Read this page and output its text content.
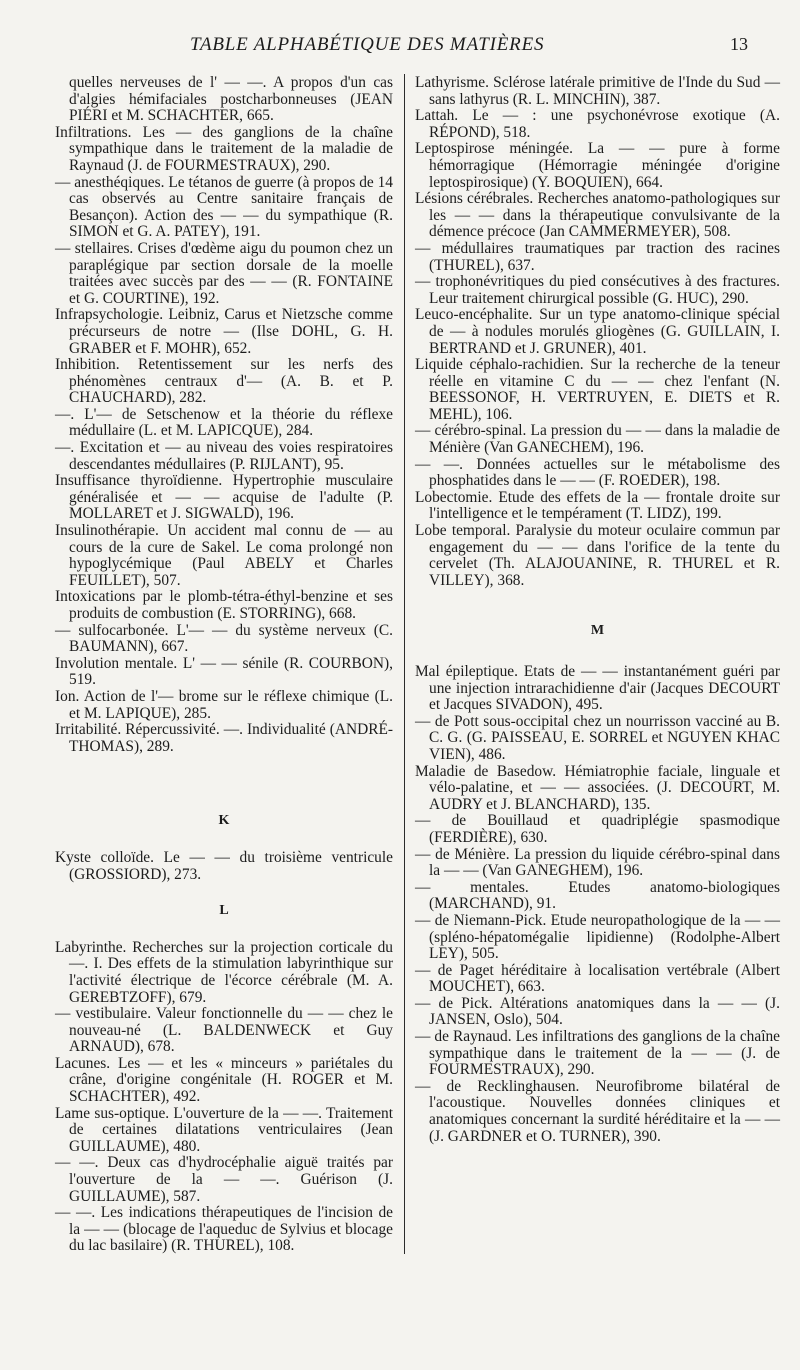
TABLE ALPHABÉTIQUE DES MATIÈRES	13

quelles nerveuses de l' — —. A propos d'un cas d'algies hémifaciales postcharbonneuses (JEAN PIÉRI et M. SCHACHTER, 665.

Infiltrations. Les — des ganglions de la chaîne sympathique dans le traitement de la maladie de Raynaud (J. de FOURMESTRAUX), 290.

— anesthéqiques. Le tétanos de guerre (à propos de 14 cas observés au Centre sanitaire français de Besançon). Action des — — du sympathique (R. SIMON et G. A. PATEY), 191.

— stellaires. Crises d'œdème aigu du poumon chez un paraplégique par section dorsale de la moelle traitées avec succès par des — — (R. FONTAINE et G. COURTINE), 192.

Infrapsychologie. Leibniz, Carus et Nietzsche comme précurseurs de notre — (Ilse DOHL, G. H. GRABER et F. MOHR), 652.

Inhibition. Retentissement sur les nerfs des phénomènes centraux d'— (A. B. et P. CHAUCHARD), 282.

—. L'— de Setschenow et la théorie du réflexe médullaire (L. et M. LAPICQUE), 284.

—. Excitation et — au niveau des voies respiratoires descendantes médullaires (P. RIJLANT), 95.

Insuffisance thyroïdienne. Hypertrophie musculaire généralisée et — — acquise de l'adulte (P. MOLLARET et J. SIGWALD), 196.

Insulinothérapie. Un accident mal connu de — au cours de la cure de Sakel. Le coma prolongé non hypoglycémique (Paul ABELY et Charles FEUILLET), 507.

Intoxications par le plomb-tétra-éthyl-benzine et ses produits de combustion (E. STORRING), 668.

— sulfocarbonée. L'— — du système nerveux (C. BAUMANN), 667.

Involution mentale. L' — — sénile (R. COURBON), 519.

Ion. Action de l'— brome sur le réflexe chimique (L. et M. LAPIQUE), 285.

Irritabilité. Répercussivité. —. Individualité (ANDRÉ-THOMAS), 289.

K

Kyste colloïde. Le — — du troisième ventricule (GROSSIORD), 273.

L

Labyrinthe. Recherches sur la projection corticale du —. I. Des effets de la stimulation labyrinthique sur l'activité électrique de l'écorce cérébrale (M. A. GEREBTZOFF), 679.

— vestibulaire. Valeur fonctionnelle du — — chez le nouveau-né (L. BALDENWECK et Guy ARNAUD), 678.

Lacunes. Les — et les « minceurs » pariétales du crâne, d'origine congénitale (H. ROGER et M. SCHACHTER), 492.

Lame sus-optique. L'ouverture de la — —. Traitement de certaines dilatations ventriculaires (Jean GUILLAUME), 480.

— —. Deux cas d'hydrocéphalie aiguë traités par l'ouverture de la — —. Guérison (J. GUILLAUME), 587.

— —. Les indications thérapeutiques de l'incision de la — — (blocage de l'aqueduc de Sylvius et blocage du lac basilaire) (R. THUREL), 108.

Lathyrisme. Sclérose latérale primitive de l'Inde du Sud — sans lathyrus (R. L. MINCHIN), 387.

Lattah. Le — : une psychonévrose exotique (A. RÉPOND), 518.

Leptospirose méningée. La — — pure à forme hémorragique (Hémorragie méningée d'origine leptospirosique) (Y. BOQUIEN), 664.

Lésions cérébrales. Recherches anatomo-pathologiques sur les — — dans la thérapeutique convulsivante de la démence précoce (Jan CAMMERMEYER), 508.

— médullaires traumatiques par traction des racines (THUREL), 637.

— trophonévritiques du pied consécutives à des fractures. Leur traitement chirurgical possible (G. HUC), 290.

Leuco-encéphalite. Sur un type anatomo-clinique spécial de — à nodules morulés gliogènes (G. GUILLAIN, I. BERTRAND et J. GRUNER), 401.

Liquide céphalo-rachidien. Sur la recherche de la teneur réelle en vitamine C du — — chez l'enfant (N. BEESSONOF, H. VERTRUYEN, E. DIETS et R. MEHL), 106.

— cérébro-spinal. La pression du — — dans la maladie de Ménière (Van GANECHEM), 196.

— —. Données actuelles sur le métabolisme des phosphatides dans le — — (F. ROEDER), 198.

Lobectomie. Etude des effets de la — frontale droite sur l'intelligence et le tempérament (T. LIDZ), 199.

Lobe temporal. Paralysie du moteur oculaire commun par engagement du — — dans l'orifice de la tente du cervelet (Th. ALAJOUANINE, R. THUREL et R. VILLEY), 368.

M

Mal épileptique. Etats de — — instantanément guéri par une injection intrarachidienne d'air (Jacques DECOURT et Jacques SIVADON), 495.

— de Pott sous-occipital chez un nourrisson vacciné au B. C. G. (G. PAISSEAU, E. SORREL et NGUYEN KHAC VIEN), 486.

Maladie de Basedow. Hémiatrophie faciale, linguale et vélo-palatine, et — — associées. (J. DECOURT, M. AUDRY et J. BLANCHARD), 135.

— de Bouillaud et quadriplégie spasmodique (FERDIÈRE), 630.

— de Ménière. La pression du liquide cérébro-spinal dans la — — (Van GANEGHEM), 196.

— mentales. Etudes anatomo-biologiques (MARCHAND), 91.

— de Niemann-Pick. Etude neuropathologique de la — — (spléno-hépatomégalie lipidienne) (Rodolphe-Albert LEY), 505.

— de Paget héréditaire à localisation vertébrale (Albert MOUCHET), 663.

— de Pick. Altérations anatomiques dans la — — (J. JANSEN, Oslo), 504.

— de Raynaud. Les infiltrations des ganglions de la chaîne sympathique dans le traitement de la — — (J. de FOURMESTRAUX), 290.

— de Recklinghausen. Neurofibrome bilatéral de l'acoustique. Nouvelles données cliniques et anatomiques concernant la surdité héréditaire et la — — (J. GARDNER et O. TURNER), 390.
